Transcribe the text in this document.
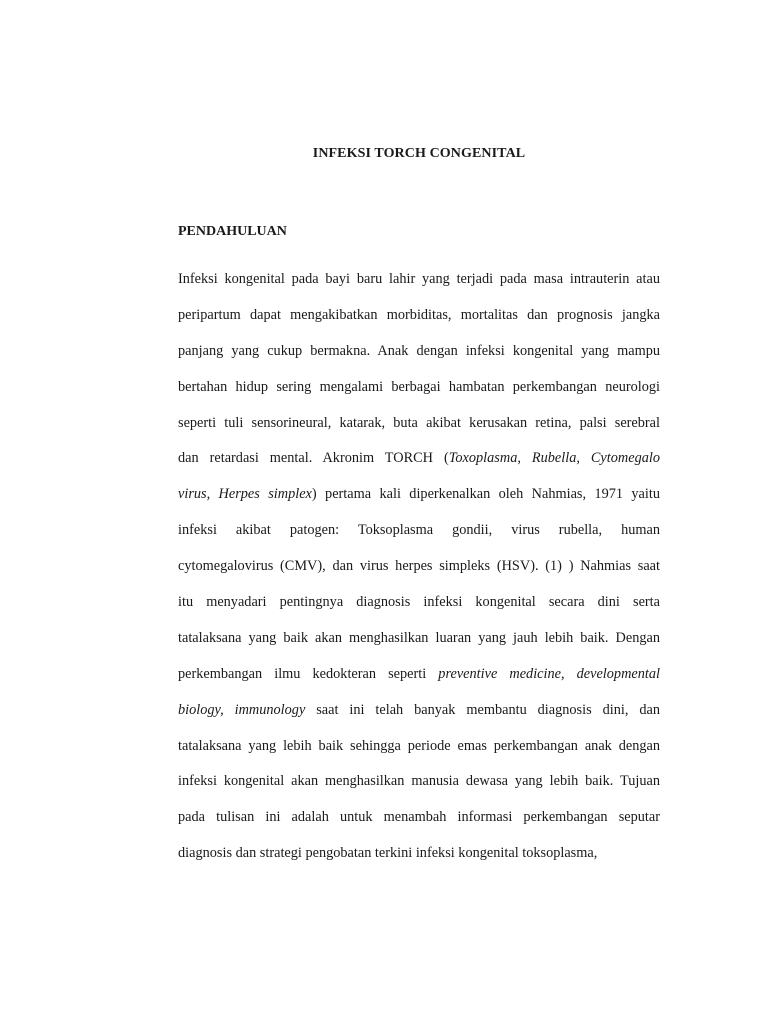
INFEKSI TORCH CONGENITAL
PENDAHULUAN
Infeksi kongenital pada bayi baru lahir yang terjadi pada masa intrauterin atau
peripartum dapat mengakibatkan morbiditas, mortalitas dan prognosis jangka
panjang yang cukup bermakna. Anak dengan infeksi kongenital yang mampu
bertahan hidup sering mengalami berbagai hambatan perkembangan neurologi
seperti tuli sensorineural, katarak, buta akibat kerusakan retina, palsi serebral
dan retardasi mental. Akronim TORCH (Toxoplasma, Rubella, Cytomegalo
virus, Herpes simplex) pertama kali diperkenalkan oleh Nahmias, 1971 yaitu
infeksi akibat patogen: Toksoplasma gondii, virus rubella, human
cytomegalovirus (CMV), dan virus herpes simpleks (HSV). (1) ) Nahmias saat
itu menyadari pentingnya diagnosis infeksi kongenital secara dini serta
tatalaksana yang baik akan menghasilkan luaran yang jauh lebih baik. Dengan
perkembangan ilmu kedokteran seperti preventive medicine, developmental
biology, immunology saat ini telah banyak membantu diagnosis dini, dan
tatalaksana yang lebih baik sehingga periode emas perkembangan anak dengan
infeksi kongenital akan menghasilkan manusia dewasa yang lebih baik. Tujuan
pada tulisan ini adalah untuk menambah informasi perkembangan seputar
diagnosis dan strategi pengobatan terkini infeksi kongenital toksoplasma,
